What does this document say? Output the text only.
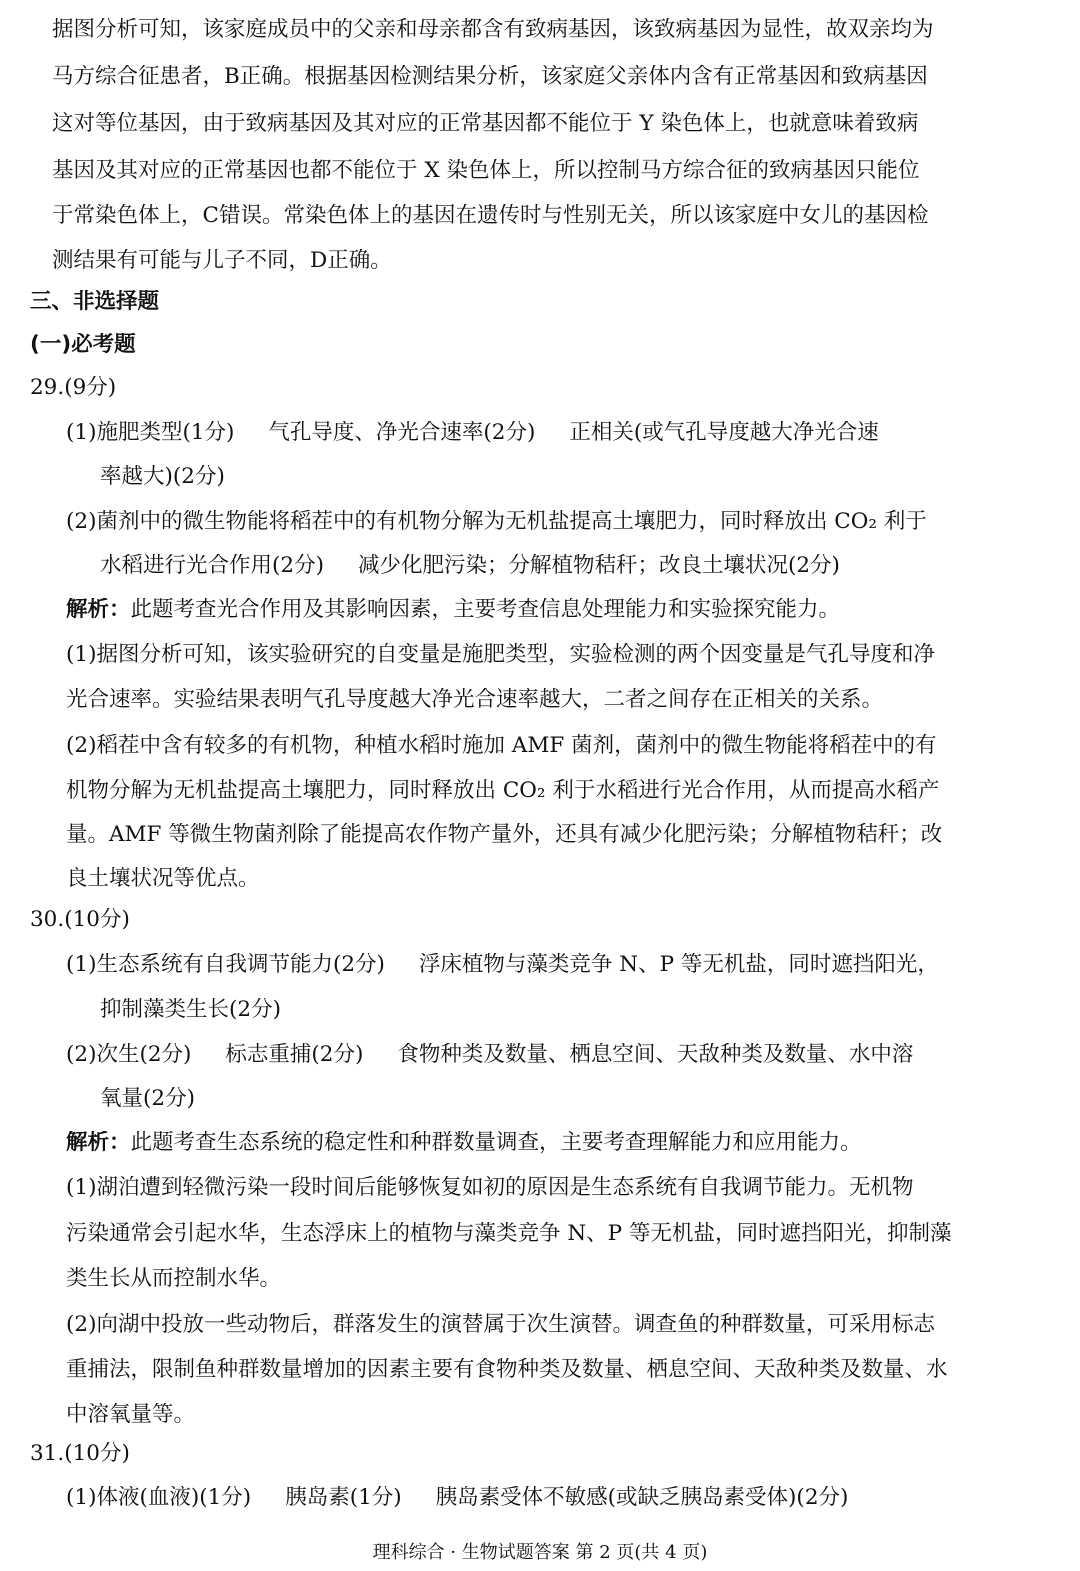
据图分析可知，该家庭成员中的父亲和母亲都含有致病基因，该致病基因为显性，故双亲均为
马方综合征患者，B正确。根据基因检测结果分析，该家庭父亲体内含有正常基因和致病基因
这对等位基因，由于致病基因及其对应的正常基因都不能位于 Y 染色体上，也就意味着致病
基因及其对应的正常基因也都不能位于 X 染色体上，所以控制马方综合征的致病基因只能位
于常染色体上，C错误。常染色体上的基因在遗传时与性别无关，所以该家庭中女儿的基因检
测结果有可能与儿子不同，D正确。
三、非选择题
(一)必考题
29.(9分)
(1)施肥类型(1分) 气孔导度、净光合速率(2分) 正相关(或气孔导度越大净光合速
率越大)(2分)
(2)菌剂中的微生物能将稻茬中的有机物分解为无机盐提高土壤肥力，同时释放出 CO₂ 利于
水稻进行光合作用(2分) 减少化肥污染；分解植物秸秆；改良土壤状况(2分)
解析：此题考查光合作用及其影响因素，主要考查信息处理能力和实验探究能力。
(1)据图分析可知，该实验研究的自变量是施肥类型，实验检测的两个因变量是气孔导度和净
光合速率。实验结果表明气孔导度越大净光合速率越大，二者之间存在正相关的关系。
(2)稻茬中含有较多的有机物，种植水稻时施加 AMF 菌剂，菌剂中的微生物能将稻茬中的有
机物分解为无机盐提高土壤肥力，同时释放出 CO₂ 利于水稻进行光合作用，从而提高水稻产
量。AMF 等微生物菌剂除了能提高农作物产量外，还具有减少化肥污染；分解植物秸秆；改
良土壤状况等优点。
30.(10分)
(1)生态系统有自我调节能力(2分) 浮床植物与藻类竞争 N、P 等无机盐，同时遮挡阳光，
抑制藻类生长(2分)
(2)次生(2分) 标志重捕(2分) 食物种类及数量、栖息空间、天敌种类及数量、水中溶
氧量(2分)
解析：此题考查生态系统的稳定性和种群数量调查，主要考查理解能力和应用能力。
(1)湖泊遭到轻微污染一段时间后能够恢复如初的原因是生态系统有自我调节能力。无机物
污染通常会引起水华，生态浮床上的植物与藻类竞争 N、P 等无机盐，同时遮挡阳光，抑制藻
类生长从而控制水华。
(2)向湖中投放一些动物后，群落发生的演替属于次生演替。调查鱼的种群数量，可采用标志
重捕法，限制鱼种群数量增加的因素主要有食物种类及数量、栖息空间、天敌种类及数量、水
中溶氧量等。
31.(10分)
(1)体液(血液)(1分) 胰岛素(1分) 胰岛素受体不敏感(或缺乏胰岛素受体)(2分)
理科综合 · 生物试题答案 第 2 页(共 4 页)
